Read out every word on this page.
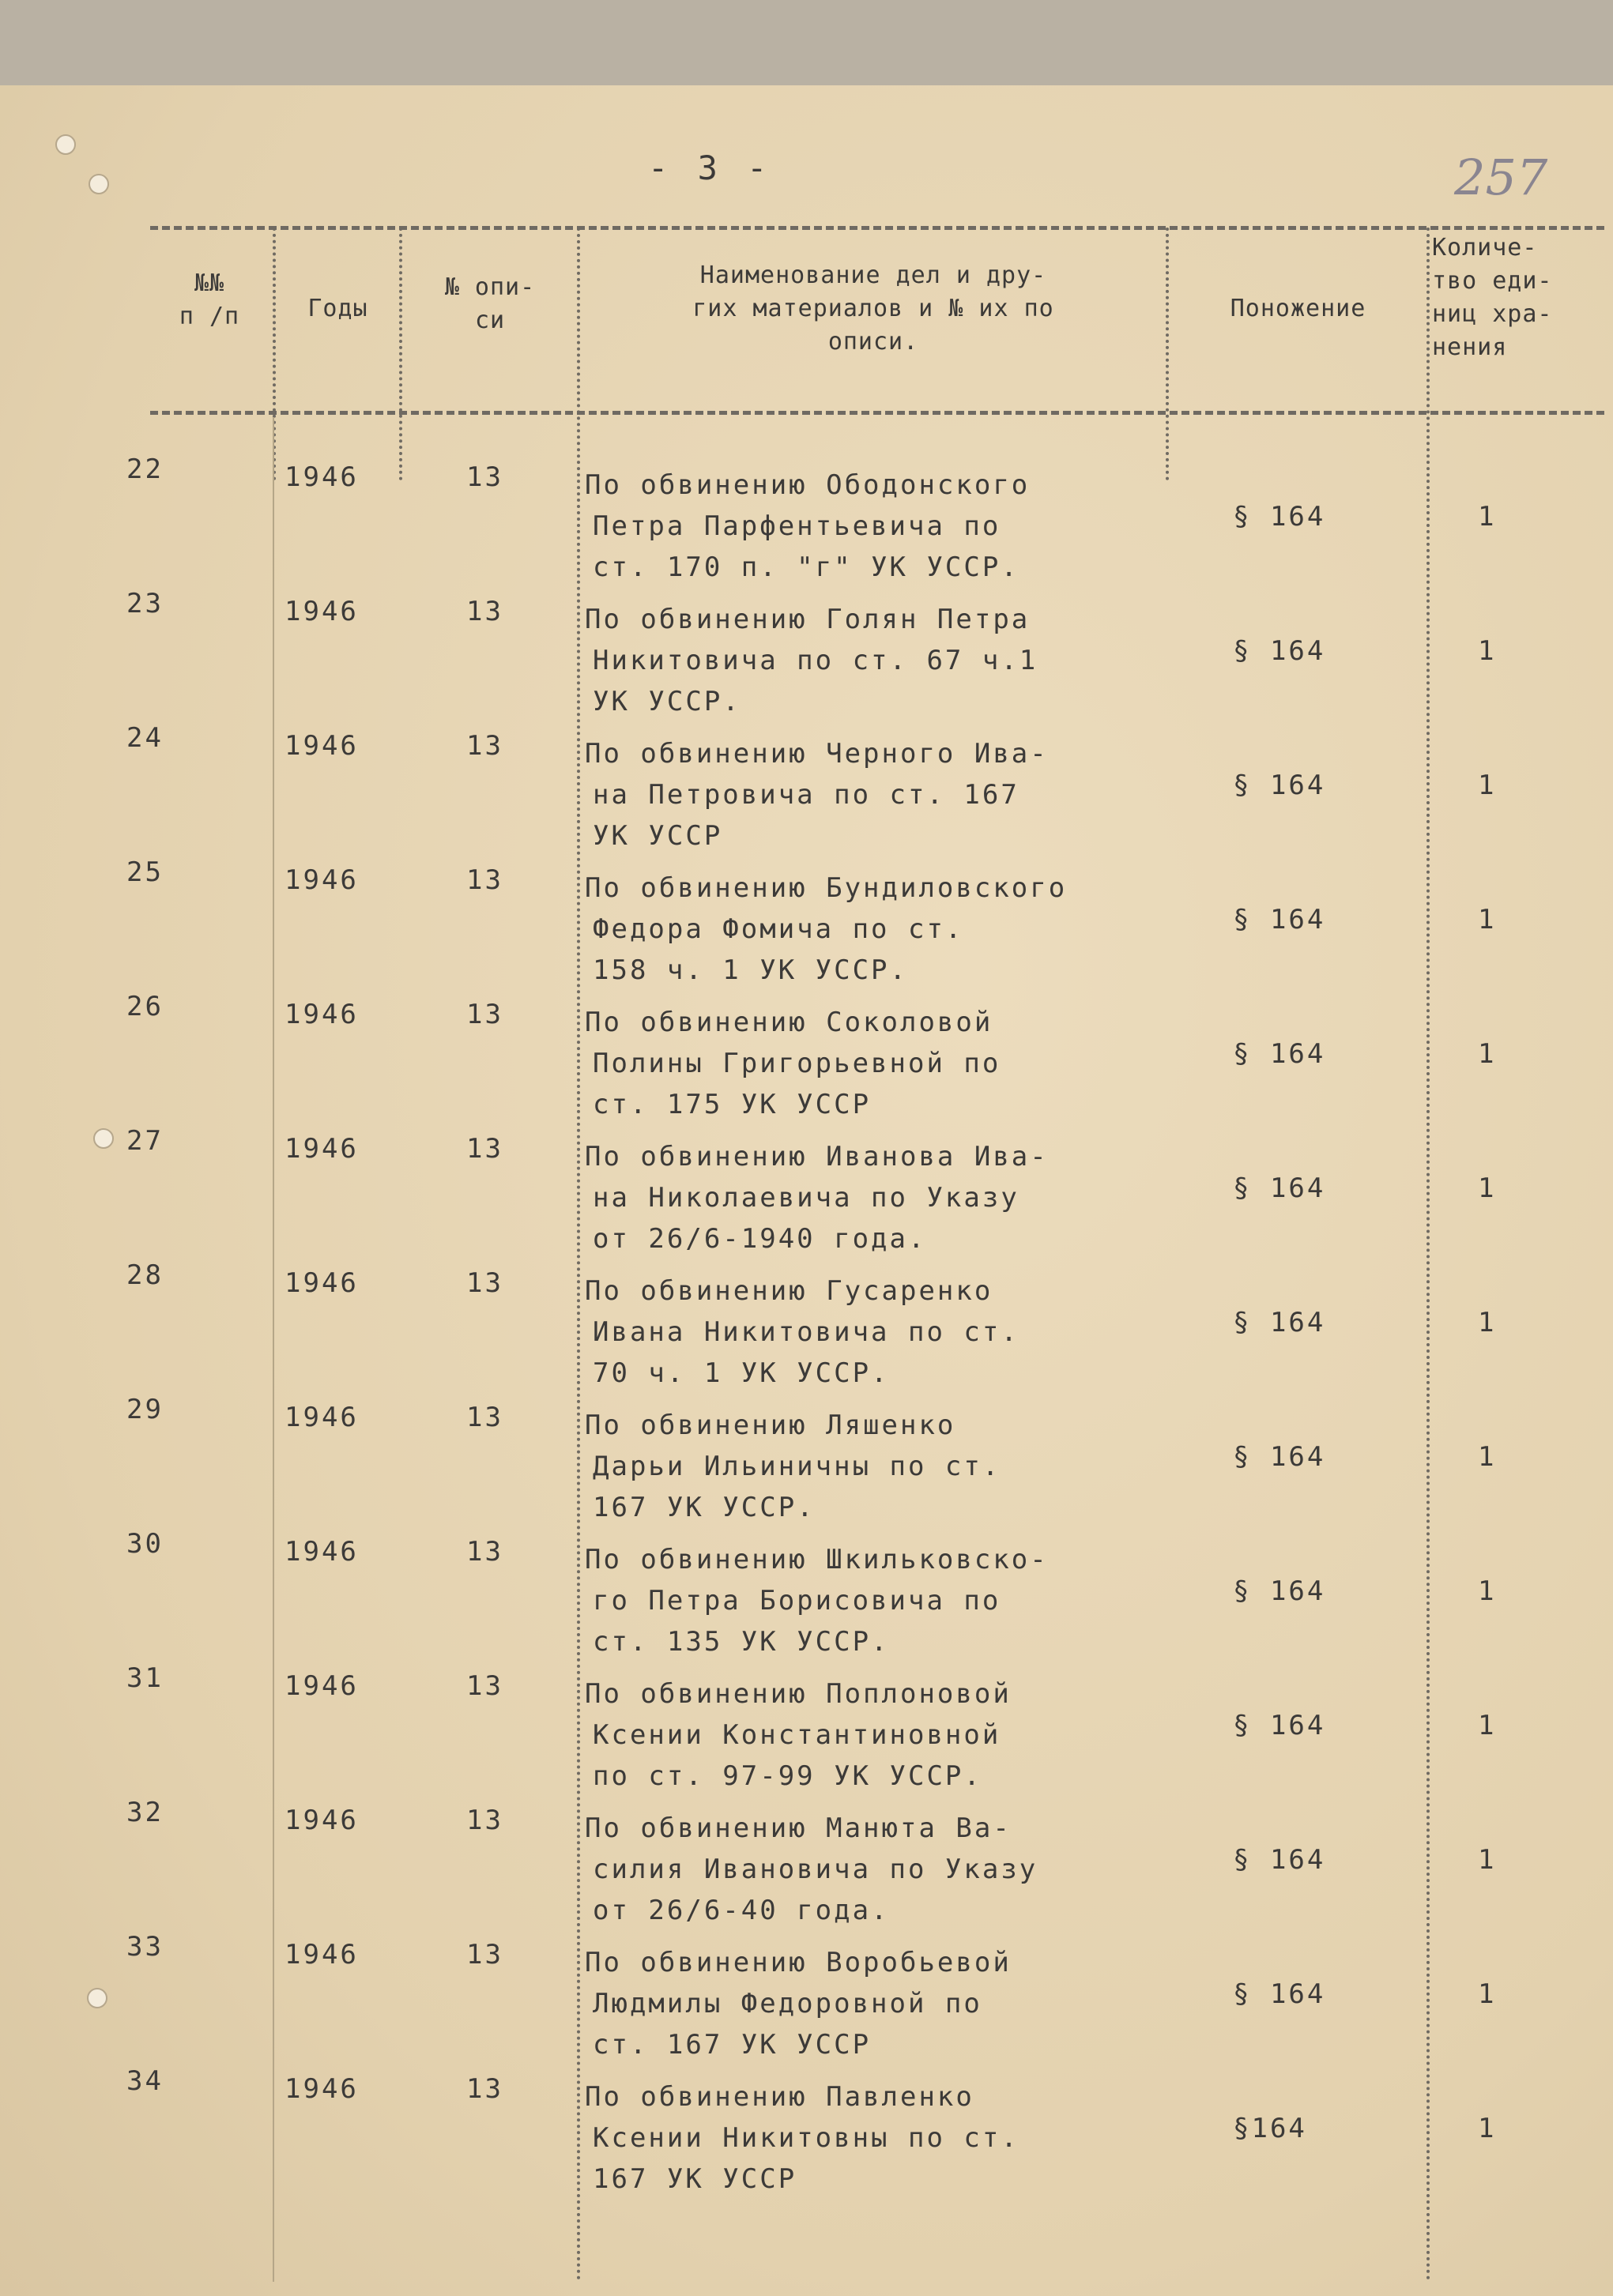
- 3 -	257
№№
п /п	Годы
№ опи-
си
Наименование дел и дру-
гих материалов и № их по
описи.
Поножение
Количе-
тво еди-
ниц хра-
нения
22	1946	13	По обвинению Ободонского
Петра Парфентьевича по
ст. 170 п. "г" УК УССР.
§ 164	1
23	1946	13	По обвинению Голян Петра
Никитовича по ст. 67 ч.1
УК УССР.
§ 164	1
24	1946	13	По обвинению Черного Ива-
на Петровича по ст. 167
УК УССР
§ 164	1
25	1946	13	По обвинению Бундиловского
Федора Фомича по ст.
158 ч. 1 УК УССР.
§ 164	1
26	1946	13	По обвинению Соколовой
Полины Григорьевной по
ст. 175 УК УССР
§ 164	1
27	1946	13	По обвинению Иванова Ива-
на Николаевича по Указу
от 26/6-1940 года.
§ 164	1
28	1946	13	По обвинению Гусаренко
Ивана Никитовича по ст.
70 ч. 1 УК УССР.
§ 164	1
29	1946	13	По обвинению Ляшенко
Дарьи Ильиничны по ст.
167 УК УССР.
§ 164	1
30	1946	13	По обвинению Шкильковско-
го Петра Борисовича по
ст. 135 УК УССР.
§ 164	1
31	1946	13	По обвинению Поплоновой
Ксении Константиновной
по ст. 97-99 УК УССР.
§ 164	1
32	1946	13	По обвинению Манюта Ва-
силия Ивановича по Указу
от 26/6-40 года.
§ 164	1
33	1946	13	По обвинению Воробьевой
Людмилы Федоровной по
ст. 167 УК УССР
§ 164	1
34	1946	13	По обвинению Павленко
Ксении Никитовны по ст.
167 УК УССР
§164	1
